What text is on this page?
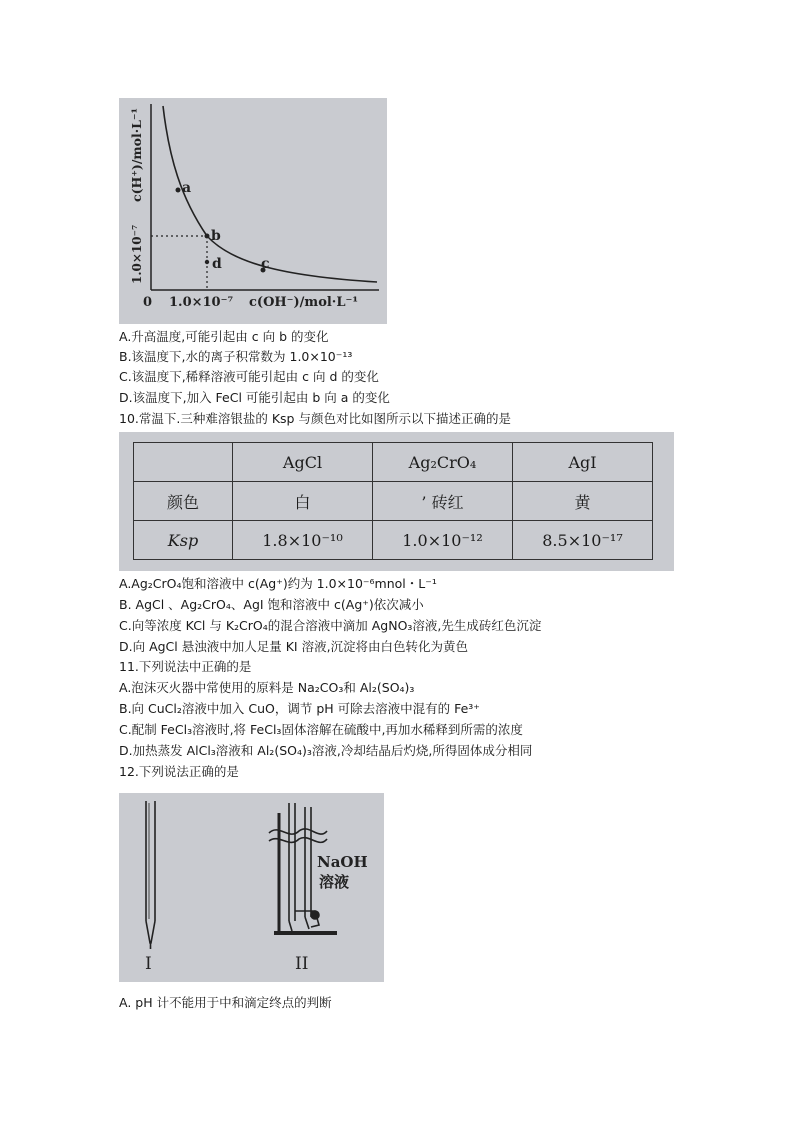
a
b
d	c
c(H⁺)/mol·L⁻¹
1.0×10⁻⁷
0 1.0×10⁻⁷ c(OH⁻)/mol·L⁻¹
A.升高温度,可能引起由 c 向 b 的变化
B.该温度下,水的离子积常数为 1.0×10⁻¹³
C.该温度下,稀释溶液可能引起由 c 向 d 的变化
D.该温度下,加入 FeCl 可能引起由 b 向 a 的变化
10.常温下.三种难溶银盐的 Ksp 与颜色对比如图所示以下描述正确的是
	AgCl	Ag₂CrO₄	AgI
颜色	白	’ 砖红	黄
Ksp	1.8×10⁻¹⁰	1.0×10⁻¹²	8.5×10⁻¹⁷
A.Ag₂CrO₄饱和溶液中 c(Ag⁺)约为 1.0×10⁻⁶mnol・L⁻¹
B. AgCl 、Ag₂CrO₄、AgI 饱和溶液中 c(Ag⁺)依次减小
C.向等浓度 KCl 与 K₂CrO₄的混合溶液中滴加 AgNO₃溶液,先生成砖红色沉淀
D.向 AgCl 悬浊液中加人足量 KI 溶液,沉淀将由白色转化为黄色
11.下列说法中正确的是
A.泡沫灭火器中常使用的原料是 Na₂CO₃和 Al₂(SO₄)₃
B.向 CuCl₂溶液中加入 CuO，调节 pH 可除去溶液中混有的 Fe³⁺
C.配制 FeCl₃溶液时,将 FeCl₃固体溶解在硫酸中,再加水稀释到所需的浓度
D.加热蒸发 AlCl₃溶液和 Al₂(SO₄)₃溶液,冷却结晶后灼烧,所得固体成分相同
12.下列说法正确的是
I
NaOH
溶液
II
A. pH 计不能用于中和滴定终点的判断
